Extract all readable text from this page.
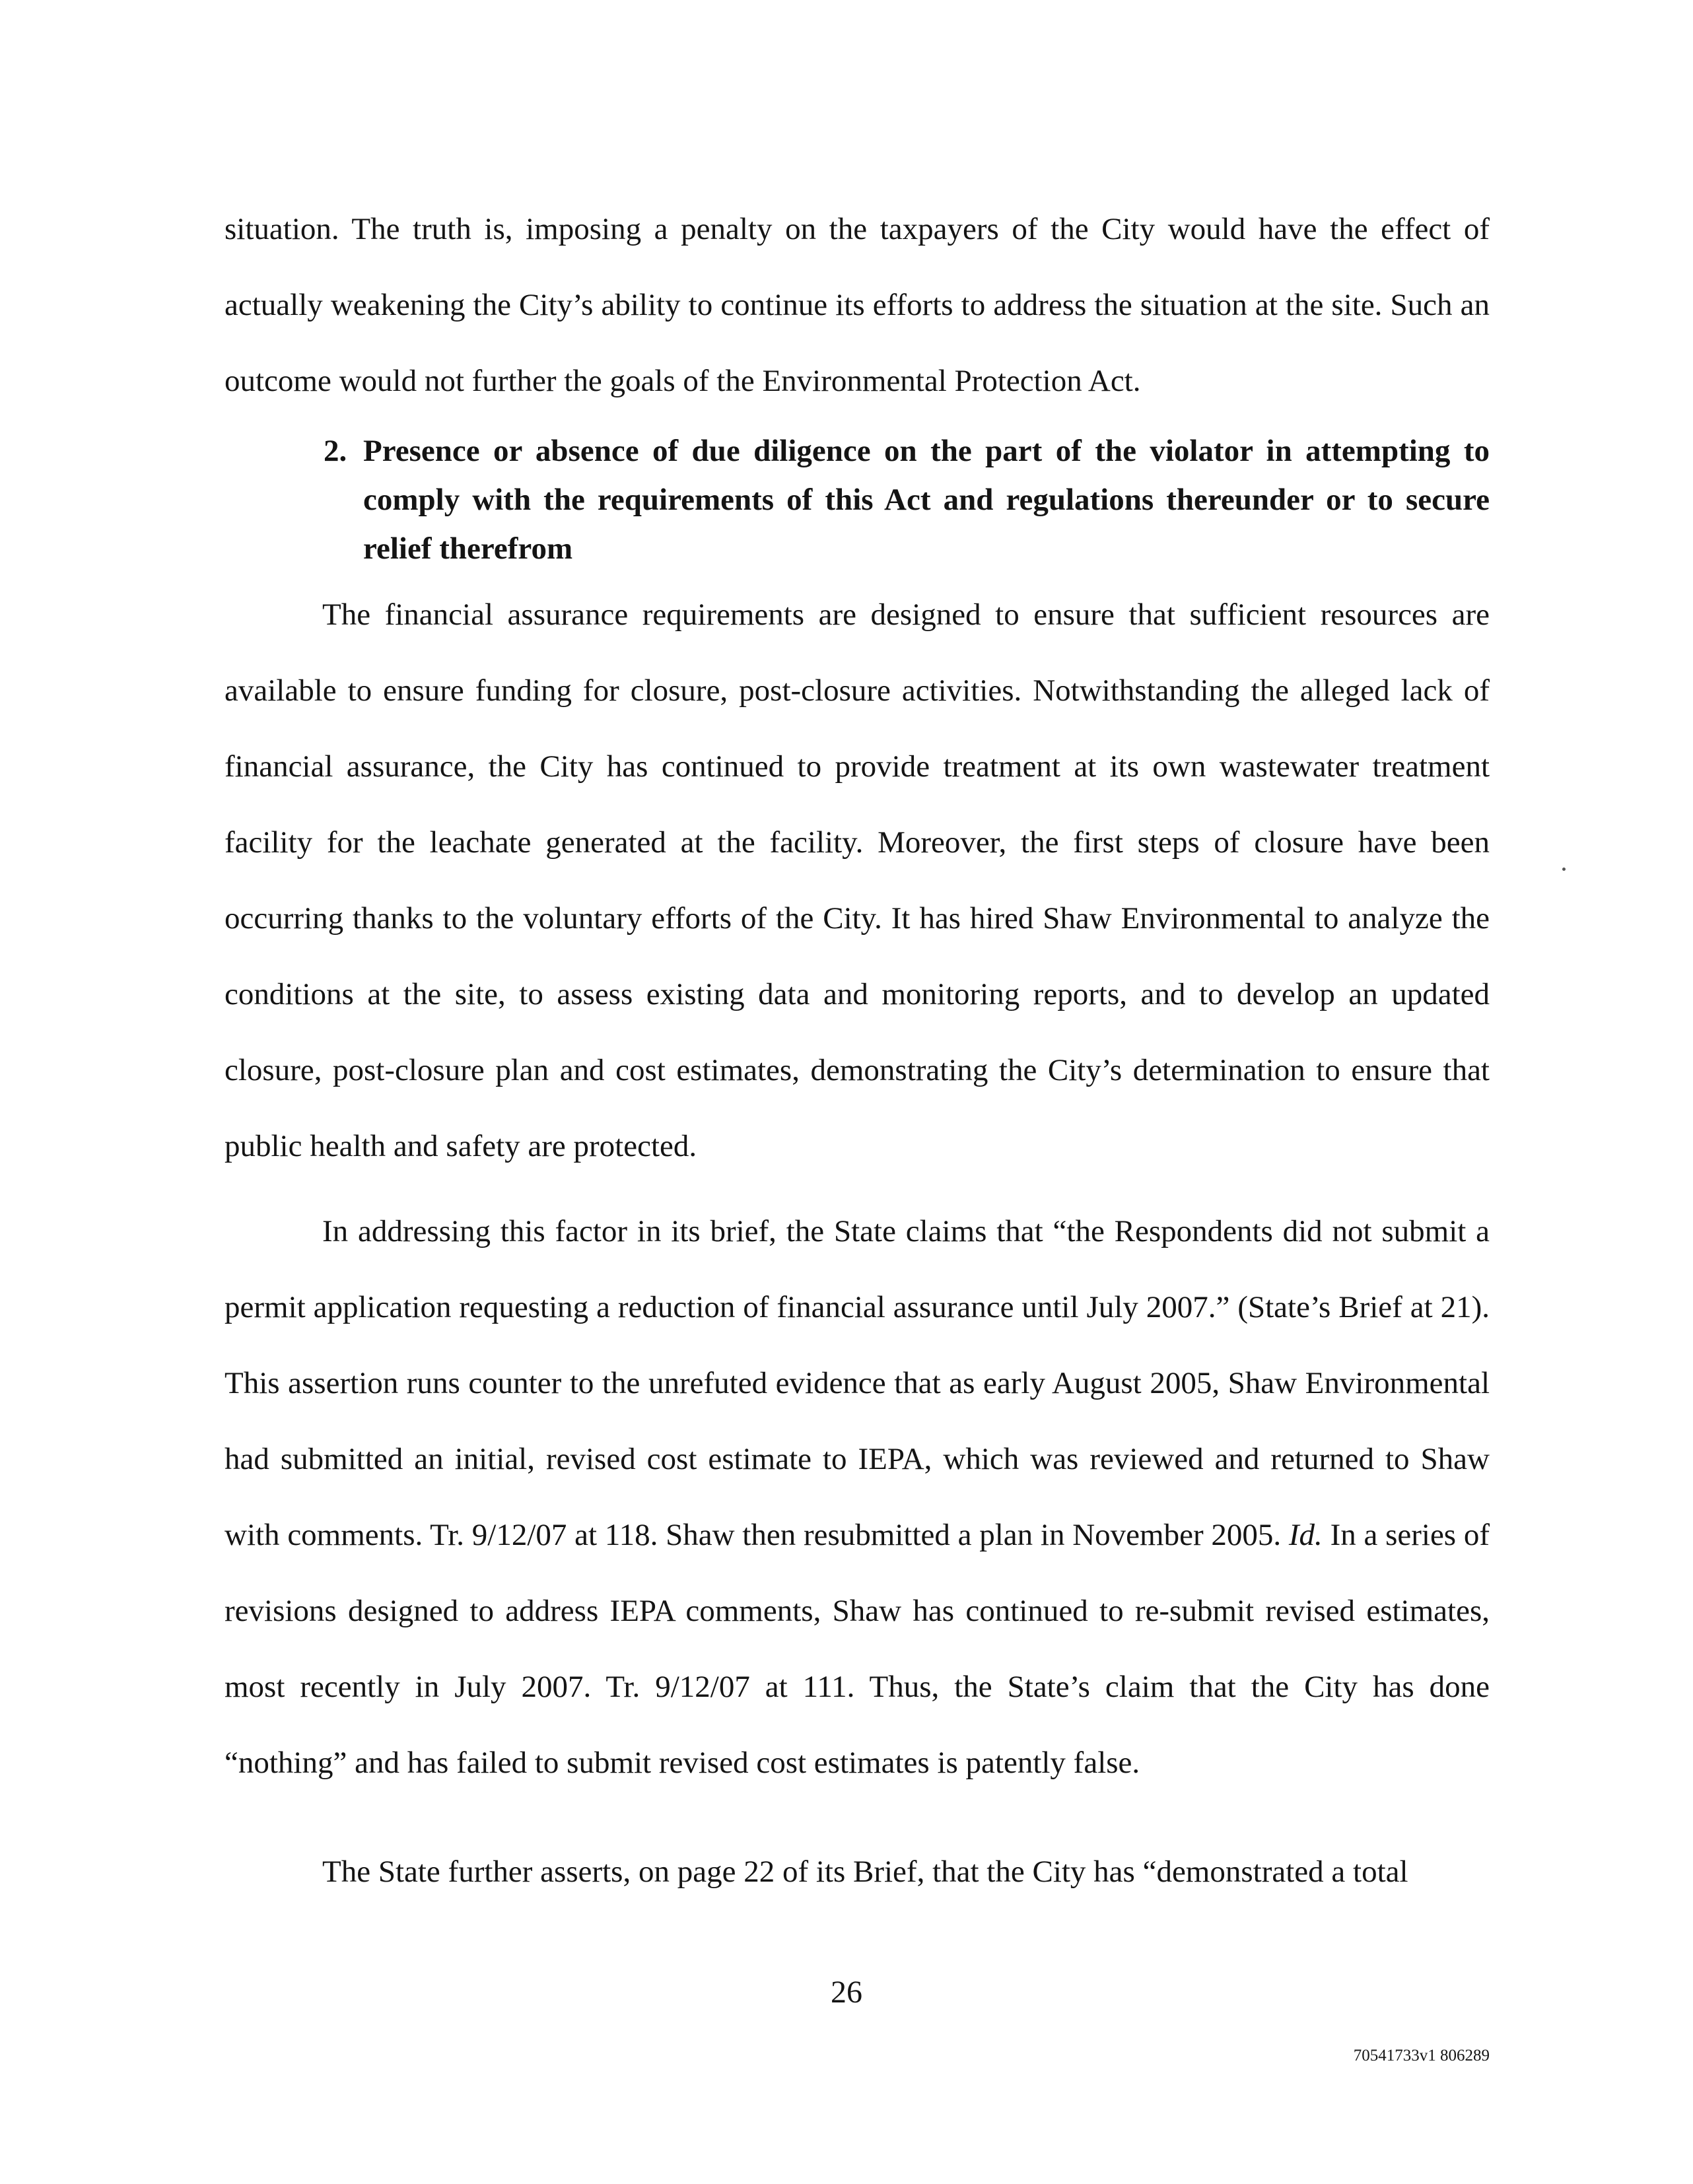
situation. The truth is, imposing a penalty on the taxpayers of the City would have the effect of actually weakening the City’s ability to continue its efforts to address the situation at the site. Such an outcome would not further the goals of the Environmental Protection Act.

2. Presence or absence of due diligence on the part of the violator in attempting to comply with the requirements of this Act and regulations thereunder or to secure relief therefrom

The financial assurance requirements are designed to ensure that sufficient resources are available to ensure funding for closure, post-closure activities. Notwithstanding the alleged lack of financial assurance, the City has continued to provide treatment at its own wastewater treatment facility for the leachate generated at the facility. Moreover, the first steps of closure have been occurring thanks to the voluntary efforts of the City. It has hired Shaw Environmental to analyze the conditions at the site, to assess existing data and monitoring reports, and to develop an updated closure, post-closure plan and cost estimates, demonstrating the City’s determination to ensure that public health and safety are protected.

In addressing this factor in its brief, the State claims that “the Respondents did not submit a permit application requesting a reduction of financial assurance until July 2007.” (State’s Brief at 21). This assertion runs counter to the unrefuted evidence that as early August 2005, Shaw Environmental had submitted an initial, revised cost estimate to IEPA, which was reviewed and returned to Shaw with comments. Tr. 9/12/07 at 118. Shaw then resubmitted a plan in November 2005. Id. In a series of revisions designed to address IEPA comments, Shaw has continued to re-submit revised estimates, most recently in July 2007. Tr. 9/12/07 at 111. Thus, the State’s claim that the City has done “nothing” and has failed to submit revised cost estimates is patently false.

The State further asserts, on page 22 of its Brief, that the City has “demonstrated a total

26
70541733v1 806289
